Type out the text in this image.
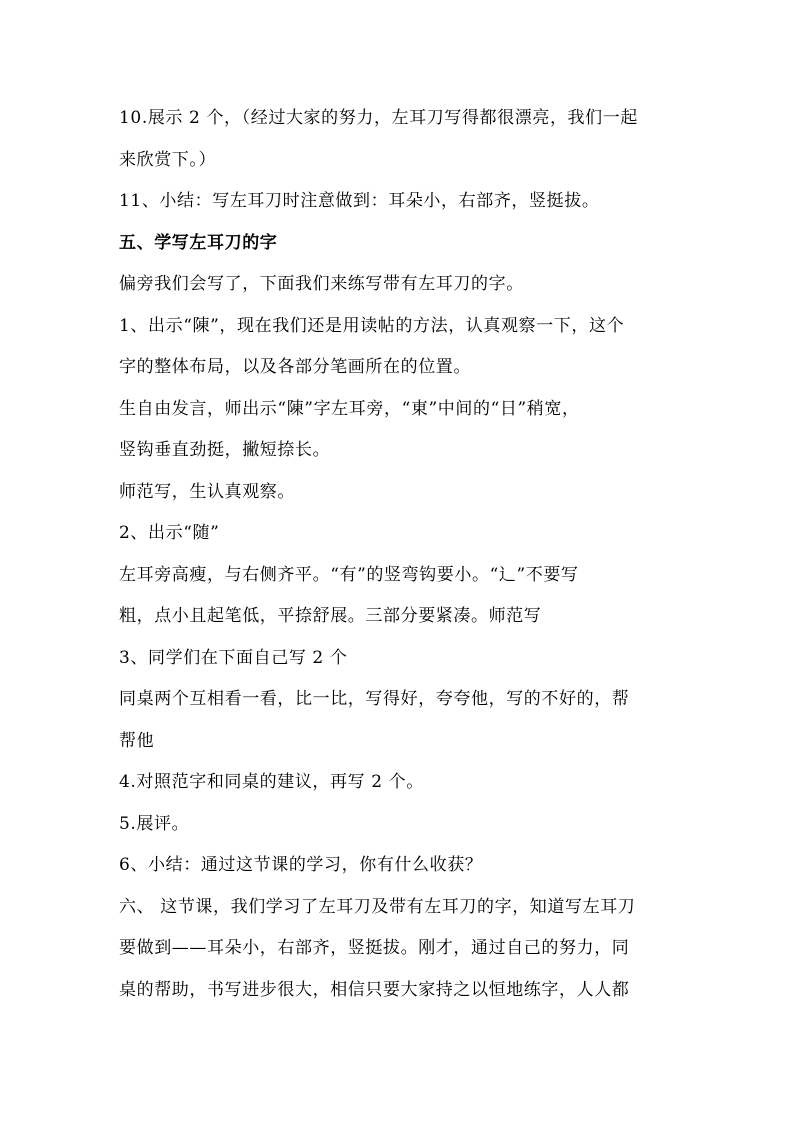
10.展示 2 个，（经过大家的努力，左耳刀写得都很漂亮，我们一起
来欣赏下。）
11、小结：写左耳刀时注意做到：耳朵小，右部齐，竖挺拔。
五、学写左耳刀的字
偏旁我们会写了，下面我们来练写带有左耳刀的字。
1、出示“陳”，现在我们还是用读帖的方法，认真观察一下，这个
字的整体布局，以及各部分笔画所在的位置。
生自由发言，师出示“陳”字左耳旁，“東”中间的“日”稍宽，
竖钩垂直劲挺，撇短捺长。
师范写，生认真观察。
2、出示“随”
左耳旁高瘦，与右侧齐平。“有”的竖弯钩要小。“辶”不要写
粗，点小且起笔低，平捺舒展。三部分要紧凑。师范写
3、同学们在下面自己写 2 个
同桌两个互相看一看，比一比，写得好，夸夸他，写的不好的，帮
帮他
4.对照范字和同桌的建议，再写 2 个。
5.展评。
6、小结：通过这节课的学习，你有什么收获？
六、 这节课，我们学习了左耳刀及带有左耳刀的字，知道写左耳刀
要做到——耳朵小，右部齐，竖挺拔。刚才，通过自己的努力，同
桌的帮助，书写进步很大，相信只要大家持之以恒地练字，人人都
